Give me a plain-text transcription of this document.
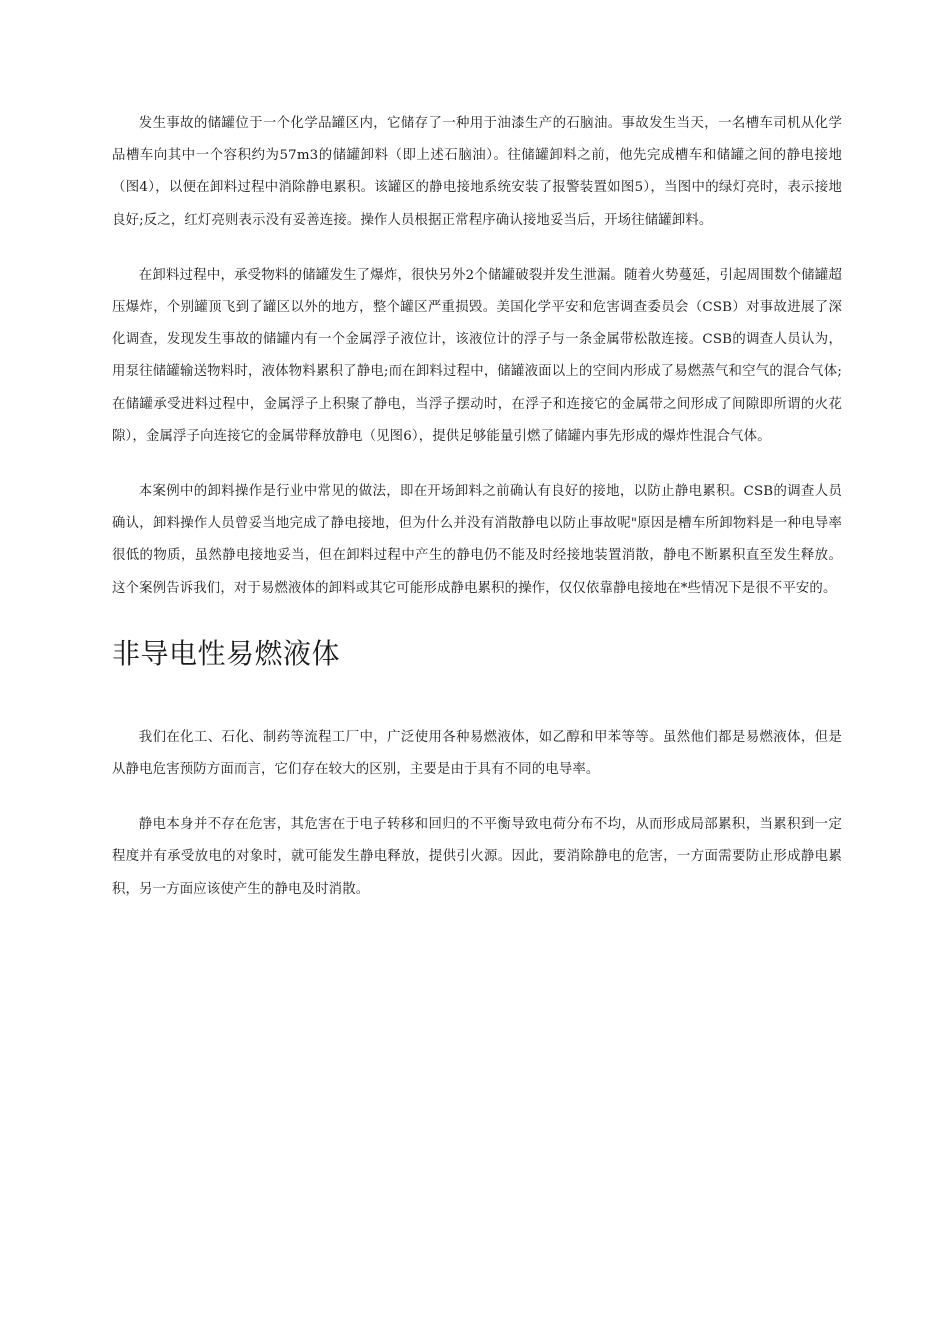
发生事故的储罐位于一个化学品罐区内，它储存了一种用于油漆生产的石脑油。事故发生当天，一名槽车司机从化学品槽车向其中一个容积约为57m3的储罐卸料（即上述石脑油）。往储罐卸料之前，他先完成槽车和储罐之间的静电接地（图4），以便在卸料过程中消除静电累积。该罐区的静电接地系统安装了报警装置如图5），当图中的绿灯亮时，表示接地良好;反之，红灯亮则表示没有妥善连接。操作人员根据正常程序确认接地妥当后，开场往储罐卸料。

在卸料过程中，承受物料的储罐发生了爆炸，很快另外2个储罐破裂并发生泄漏。随着火势蔓延，引起周围数个储罐超压爆炸，个别罐顶飞到了罐区以外的地方，整个罐区严重损毁。美国化学平安和危害调查委员会（CSB）对事故进展了深化调查，发现发生事故的储罐内有一个金属浮子液位计，该液位计的浮子与一条金属带松散连接。CSB的调查人员认为，用泵往储罐输送物料时，液体物料累积了静电;而在卸料过程中，储罐液面以上的空间内形成了易燃蒸气和空气的混合气体;在储罐承受进料过程中，金属浮子上积聚了静电，当浮子摆动时，在浮子和连接它的金属带之间形成了间隙即所谓的火花隙），金属浮子向连接它的金属带释放静电（见图6），提供足够能量引燃了储罐内事先形成的爆炸性混合气体。

本案例中的卸料操作是行业中常见的做法，即在开场卸料之前确认有良好的接地，以防止静电累积。CSB的调查人员确认，卸料操作人员曾妥当地完成了静电接地，但为什么并没有消散静电以防止事故呢"原因是槽车所卸物料是一种电导率很低的物质，虽然静电接地妥当，但在卸料过程中产生的静电仍不能及时经接地装置消散，静电不断累积直至发生释放。这个案例告诉我们，对于易燃液体的卸料或其它可能形成静电累积的操作，仅仅依靠静电接地在*些情况下是很不平安的。

非导电性易燃液体

我们在化工、石化、制药等流程工厂中，广泛使用各种易燃液体，如乙醇和甲苯等等。虽然他们都是易燃液体，但是从静电危害预防方面而言，它们存在较大的区别，主要是由于具有不同的电导率。

静电本身并不存在危害，其危害在于电子转移和回归的不平衡导致电荷分布不均，从而形成局部累积，当累积到一定程度并有承受放电的对象时，就可能发生静电释放，提供引火源。因此，要消除静电的危害，一方面需要防止形成静电累积，另一方面应该使产生的静电及时消散。
